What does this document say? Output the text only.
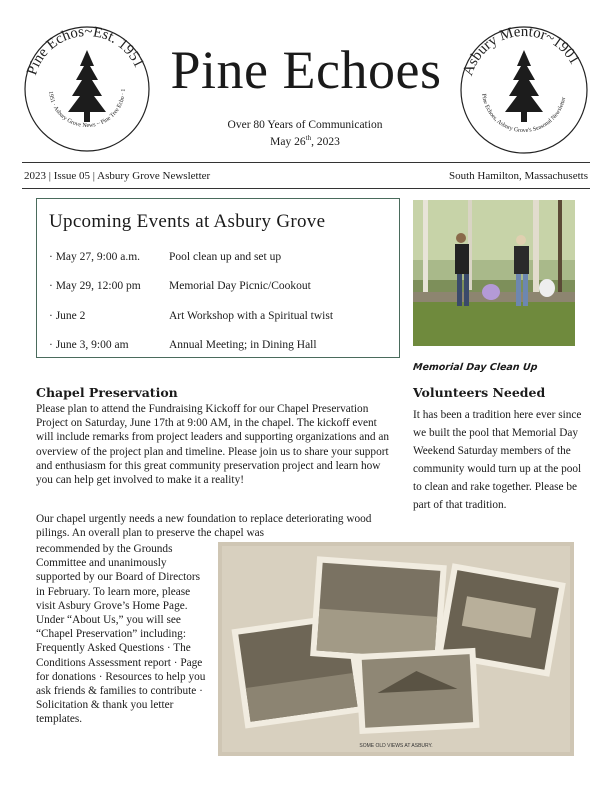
Pine Echos~Est. 1951
1951 · Asbury Grove News ~ Pine Tree Echo · 1
Asbury Mentor~1901
Pine Echoes, Asbury Grove's Seasonal Newsletter
Pine Echoes
Over 80 Years of Communication
May 26th, 2023
2023 | Issue 05 | Asbury Grove Newsletter	South Hamilton, Massachusetts
Upcoming Events at Asbury Grove
· May 27, 9:00 a.m.	Pool clean up and set up
· May 29, 12:00 pm Memorial Day Picnic/Cookout
· June 2	Art Workshop with a Spiritual twist
· June 3, 9:00 am	Annual Meeting; in Dining Hall
Memorial Day Clean Up
Chapel Preservation
Please plan to attend the Fundraising Kickoff for our Chapel Preservation Project on Saturday, June 17th at 9:00 AM, in the chapel. The kickoff event will include remarks from project leaders and supporting organizations and an overview of the project plan and timeline. Please join us to share your support and enthusiasm for this great community preservation project and learn how you can help get involved to make it a reality!
Our chapel urgently needs a new foundation to replace deteriorating wood pilings. An overall plan to preserve the chapel was
recommended by the Grounds Committee and unanimously supported by our Board of Directors in February. To learn more, please visit Asbury Grove’s Home Page. Under “About Us,” you will see “Chapel Preservation” including: Frequently Asked Questions · The Conditions Assessment report · Page for donations · Resources to help you ask friends & families to contribute · Solicitation & thank you letter templates.
Volunteers Needed
It has been a tradition here ever since we built the pool that Memorial Day Weekend Saturday members of the community would turn up at the pool to clean and rake together. Please be part of that tradition.
SOME OLD VIEWS AT ASBURY.
